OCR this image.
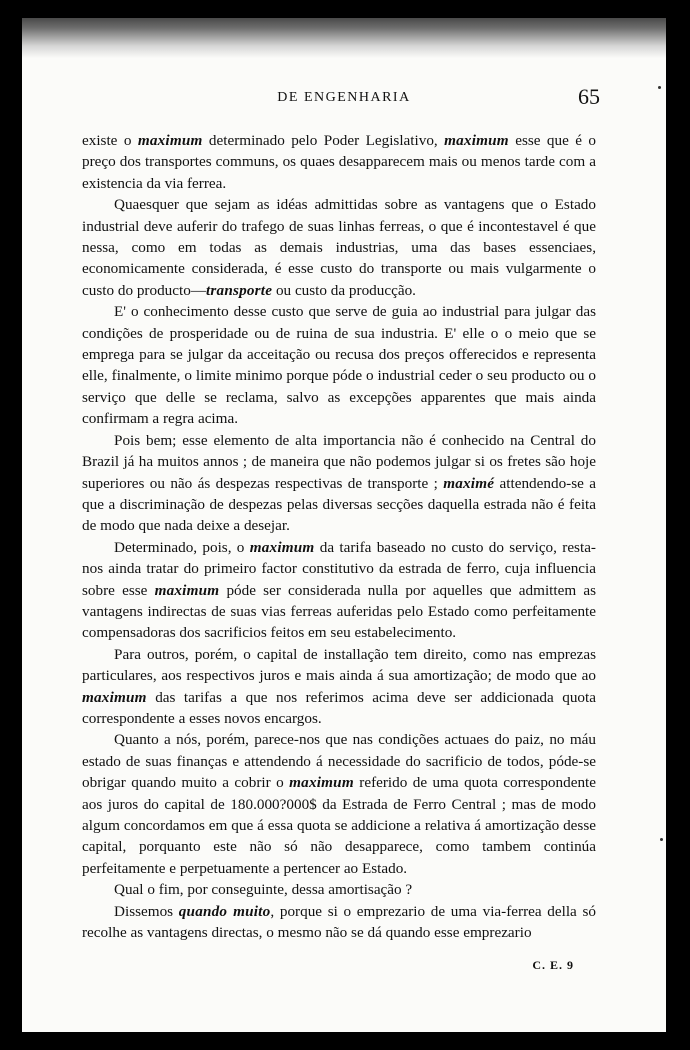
DE ENGENHARIA	65

existe o maximum determinado pelo Poder Legislativo, maximum esse que é o preço dos transportes communs, os quaes desapparecem mais ou menos tarde com a existencia da via ferrea.

Quaesquer que sejam as idéas admittidas sobre as vantagens que o Estado industrial deve auferir do trafego de suas linhas ferreas, o que é incontestavel é que nessa, como em todas as demais industrias, uma das bases essenciaes, economicamente considerada, é esse custo do transporte ou mais vulgarmente o custo do producto—transporte ou custo da producção.

E' o conhecimento desse custo que serve de guia ao industrial para julgar das condições de prosperidade ou de ruina de sua industria. E' elle o o meio que se emprega para se julgar da acceitação ou recusa dos preços offerecidos e representa elle, finalmente, o limite minimo porque póde o industrial ceder o seu producto ou o serviço que delle se reclama, salvo as excepções apparentes que mais ainda confirmam a regra acima.

Pois bem; esse elemento de alta importancia não é conhecido na Central do Brazil já ha muitos annos ; de maneira que não podemos julgar si os fretes são hoje superiores ou não ás despezas respectivas de transporte ; maximé attendendo-se a que a discriminação de despezas pelas diversas secções daquella estrada não é feita de modo que nada deixe a desejar.

Determinado, pois, o maximum da tarifa baseado no custo do serviço, resta-nos ainda tratar do primeiro factor constitutivo da estrada de ferro, cuja influencia sobre esse maximum póde ser considerada nulla por aquelles que admittem as vantagens indirectas de suas vias ferreas auferidas pelo Estado como perfeitamente compensadoras dos sacrificios feitos em seu estabelecimento.

Para outros, porém, o capital de installação tem direito, como nas emprezas particulares, aos respectivos juros e mais ainda á sua amortização; de modo que ao maximum das tarifas a que nos referimos acima deve ser addicionada quota correspondente a esses novos encargos.

Quanto a nós, porém, parece-nos que nas condições actuaes do paiz, no máu estado de suas finanças e attendendo á necessidade do sacrificio de todos, póde-se obrigar quando muito a cobrir o maximum referido de uma quota correspondente aos juros do capital de 180.000?000$ da Estrada de Ferro Central ; mas de modo algum concordamos em que á essa quota se addicione a relativa á amortização desse capital, porquanto este não só não desapparece, como tambem continúa perfeitamente e perpetuamente a pertencer ao Estado.

Qual o fim, por conseguinte, dessa amortisação ?

Dissemos quando muito, porque si o emprezario de uma via-ferrea della só recolhe as vantagens directas, o mesmo não se dá quando esse emprezario

C. E. 9
